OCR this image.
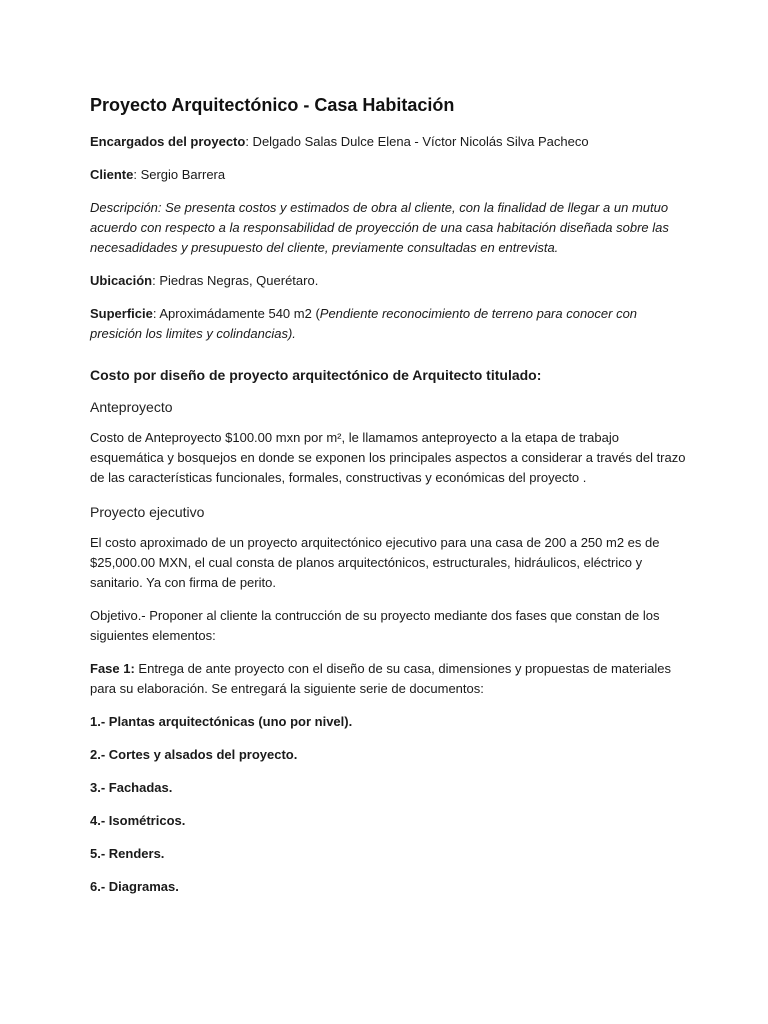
Proyecto Arquitectónico - Casa Habitación

Encargados del proyecto: Delgado Salas Dulce Elena - Víctor Nicolás Silva Pacheco

Cliente: Sergio Barrera

Descripción: Se presenta costos y estimados de obra al cliente, con la finalidad de llegar a un mutuo acuerdo con respecto a la responsabilidad de proyección de una casa habitación diseñada sobre las necesadidades y presupuesto del cliente, previamente consultadas en entrevista.

Ubicación: Piedras Negras, Querétaro.

Superficie: Aproximádamente 540 m2 (Pendiente reconocimiento de terreno para conocer con presición los limites y colindancias).

Costo por diseño de proyecto arquitectónico de Arquitecto titulado:
Anteproyecto

Costo de Anteproyecto $100.00 mxn por m², le llamamos anteproyecto a la etapa de trabajo esquemática y bosquejos en donde se exponen los principales aspectos a considerar a través del trazo de las características funcionales, formales, constructivas y económicas del proyecto .

Proyecto ejecutivo

El costo aproximado de un proyecto arquitectónico ejecutivo para una casa de 200 a 250 m2 es de $25,000.00 MXN, el cual consta de planos arquitectónicos, estructurales, hidráulicos, eléctrico y sanitario. Ya con firma de perito.

Objetivo.- Proponer al cliente la contrucción de su proyecto mediante dos fases que constan de los siguientes elementos:

Fase 1: Entrega de ante proyecto con el diseño de su casa, dimensiones y propuestas de materiales para su elaboración. Se entregará la siguiente serie de documentos:

1.- Plantas arquitectónicas (uno por nivel).
2.- Cortes y alsados del proyecto.
3.- Fachadas.
4.- Isométricos.
5.- Renders.
6.- Diagramas.
